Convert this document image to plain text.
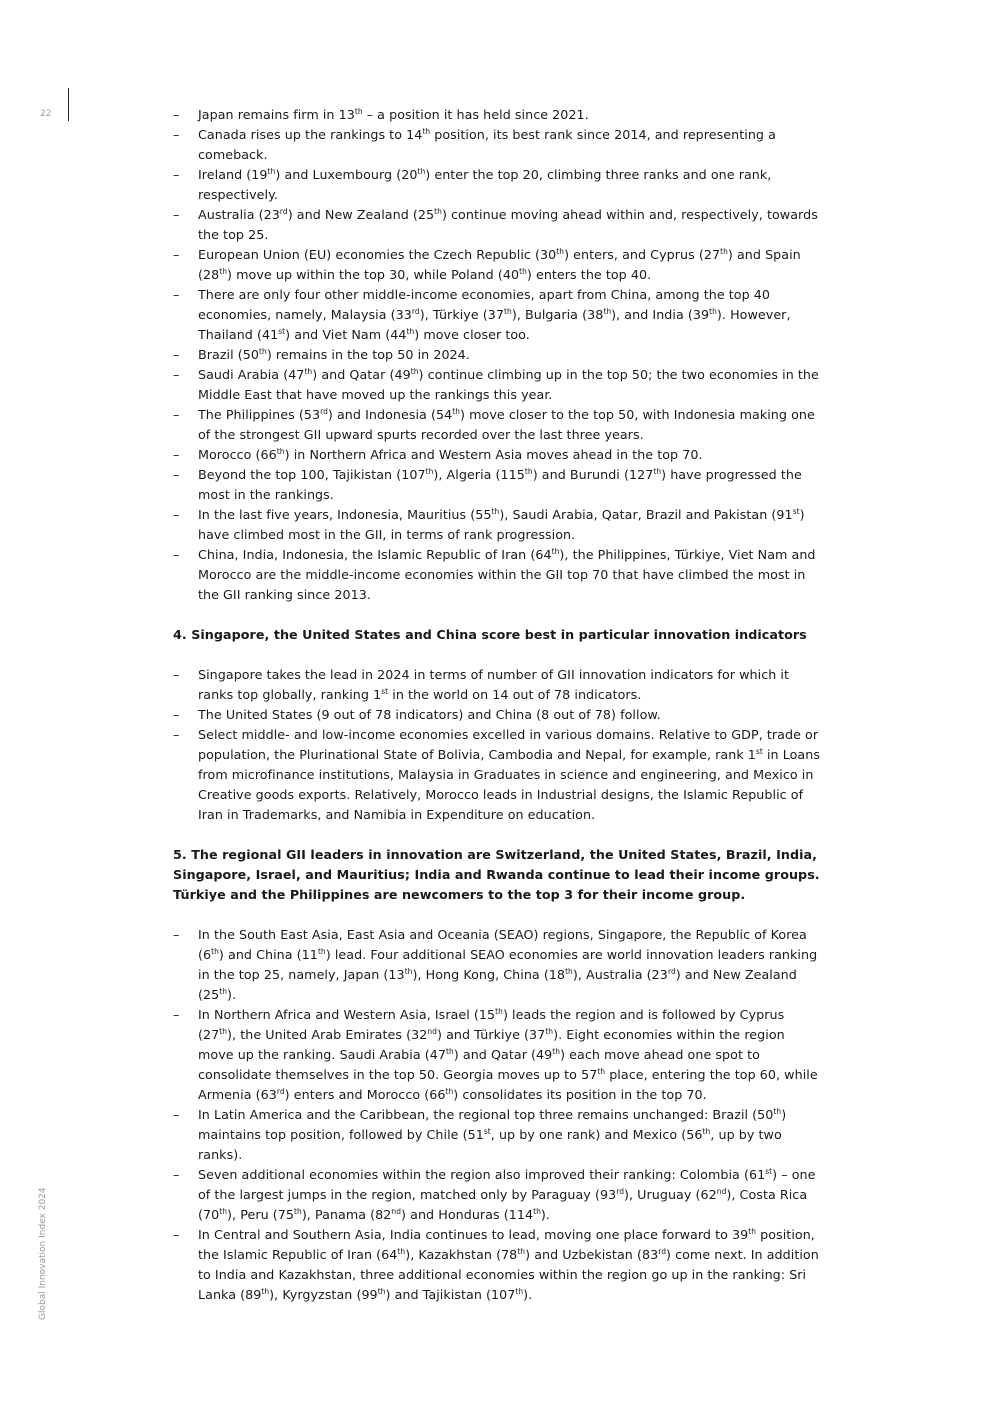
22
Global Innovation Index 2024
– Japan remains firm in 13th – a position it has held since 2021.
– Canada rises up the rankings to 14th position, its best rank since 2014, and representing a comeback.
– Ireland (19th) and Luxembourg (20th) enter the top 20, climbing three ranks and one rank, respectively.
– Australia (23rd) and New Zealand (25th) continue moving ahead within and, respectively, towards the top 25.
– European Union (EU) economies the Czech Republic (30th) enters, and Cyprus (27th) and Spain (28th) move up within the top 30, while Poland (40th) enters the top 40.
– There are only four other middle-income economies, apart from China, among the top 40 economies, namely, Malaysia (33rd), Türkiye (37th), Bulgaria (38th), and India (39th). However, Thailand (41st) and Viet Nam (44th) move closer too.
– Brazil (50th) remains in the top 50 in 2024.
– Saudi Arabia (47th) and Qatar (49th) continue climbing up in the top 50; the two economies in the Middle East that have moved up the rankings this year.
– The Philippines (53rd) and Indonesia (54th) move closer to the top 50, with Indonesia making one of the strongest GII upward spurts recorded over the last three years.
– Morocco (66th) in Northern Africa and Western Asia moves ahead in the top 70.
– Beyond the top 100, Tajikistan (107th), Algeria (115th) and Burundi (127th) have progressed the most in the rankings.
– In the last five years, Indonesia, Mauritius (55th), Saudi Arabia, Qatar, Brazil and Pakistan (91st) have climbed most in the GII, in terms of rank progression.
– China, India, Indonesia, the Islamic Republic of Iran (64th), the Philippines, Türkiye, Viet Nam and Morocco are the middle-income economies within the GII top 70 that have climbed the most in the GII ranking since 2013.
4. Singapore, the United States and China score best in particular innovation indicators
– Singapore takes the lead in 2024 in terms of number of GII innovation indicators for which it ranks top globally, ranking 1st in the world on 14 out of 78 indicators.
– The United States (9 out of 78 indicators) and China (8 out of 78) follow.
– Select middle- and low-income economies excelled in various domains. Relative to GDP, trade or population, the Plurinational State of Bolivia, Cambodia and Nepal, for example, rank 1st in Loans from microfinance institutions, Malaysia in Graduates in science and engineering, and Mexico in Creative goods exports. Relatively, Morocco leads in Industrial designs, the Islamic Republic of Iran in Trademarks, and Namibia in Expenditure on education.
5. The regional GII leaders in innovation are Switzerland, the United States, Brazil, India, Singapore, Israel, and Mauritius; India and Rwanda continue to lead their income groups. Türkiye and the Philippines are newcomers to the top 3 for their income group.
– In the South East Asia, East Asia and Oceania (SEAO) regions, Singapore, the Republic of Korea (6th) and China (11th) lead. Four additional SEAO economies are world innovation leaders ranking in the top 25, namely, Japan (13th), Hong Kong, China (18th), Australia (23rd) and New Zealand (25th).
– In Northern Africa and Western Asia, Israel (15th) leads the region and is followed by Cyprus (27th), the United Arab Emirates (32nd) and Türkiye (37th). Eight economies within the region move up the ranking. Saudi Arabia (47th) and Qatar (49th) each move ahead one spot to consolidate themselves in the top 50. Georgia moves up to 57th place, entering the top 60, while Armenia (63rd) enters and Morocco (66th) consolidates its position in the top 70.
– In Latin America and the Caribbean, the regional top three remains unchanged: Brazil (50th) maintains top position, followed by Chile (51st, up by one rank) and Mexico (56th, up by two ranks).
– Seven additional economies within the region also improved their ranking: Colombia (61st) – one of the largest jumps in the region, matched only by Paraguay (93rd), Uruguay (62nd), Costa Rica (70th), Peru (75th), Panama (82nd) and Honduras (114th).
– In Central and Southern Asia, India continues to lead, moving one place forward to 39th position, the Islamic Republic of Iran (64th), Kazakhstan (78th) and Uzbekistan (83rd) come next. In addition to India and Kazakhstan, three additional economies within the region go up in the ranking: Sri Lanka (89th), Kyrgyzstan (99th) and Tajikistan (107th).
